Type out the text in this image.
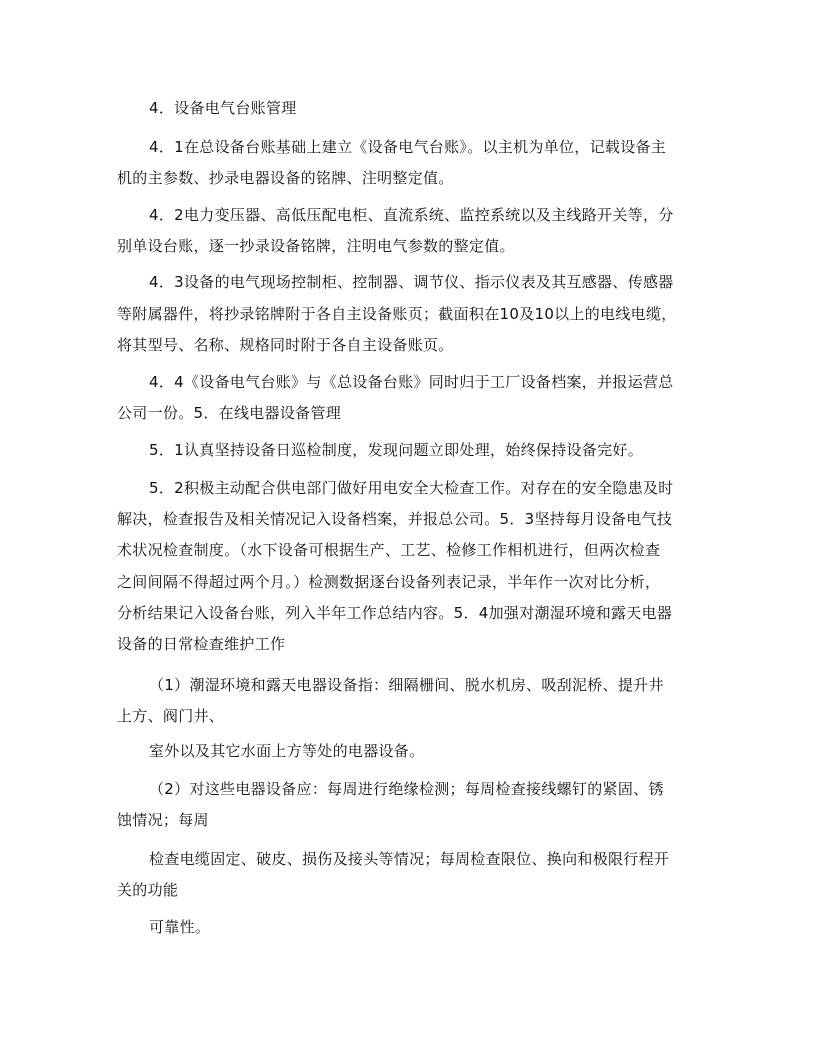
4．设备电气台账管理
4．1在总设备台账基础上建立《设备电气台账》。以主机为单位，记载设备主
机的主参数、抄录电器设备的铭牌、注明整定值。
4．2电力变压器、高低压配电柜、直流系统、监控系统以及主线路开关等，分
别单设台账，逐一抄录设备铭牌，注明电气参数的整定值。
4．3设备的电气现场控制柜、控制器、调节仪、指示仪表及其互感器、传感器
等附属器件，将抄录铭牌附于各自主设备账页；截面积在10及10以上的电线电缆，
将其型号、名称、规格同时附于各自主设备账页。
4．4《设备电气台账》与《总设备台账》同时归于工厂设备档案，并报运营总
公司一份。5．在线电器设备管理
5．1认真坚持设备日巡检制度，发现问题立即处理，始终保持设备完好。
5．2积极主动配合供电部门做好用电安全大检查工作。对存在的安全隐患及时
解决，检查报告及相关情况记入设备档案，并报总公司。5．3坚持每月设备电气技
术状况检查制度。（水下设备可根据生产、工艺、检修工作相机进行，但两次检查
之间间隔不得超过两个月。）检测数据逐台设备列表记录，半年作一次对比分析，
分析结果记入设备台账，列入半年工作总结内容。5．4加强对潮湿环境和露天电器
设备的日常检查维护工作
（1）潮湿环境和露天电器设备指：细隔栅间、脱水机房、吸刮泥桥、提升井
上方、阀门井、
室外以及其它水面上方等处的电器设备。
（2）对这些电器设备应：每周进行绝缘检测；每周检查接线螺钉的紧固、锈
蚀情况；每周
检查电缆固定、破皮、损伤及接头等情况；每周检查限位、换向和极限行程开
关的功能
可靠性。
